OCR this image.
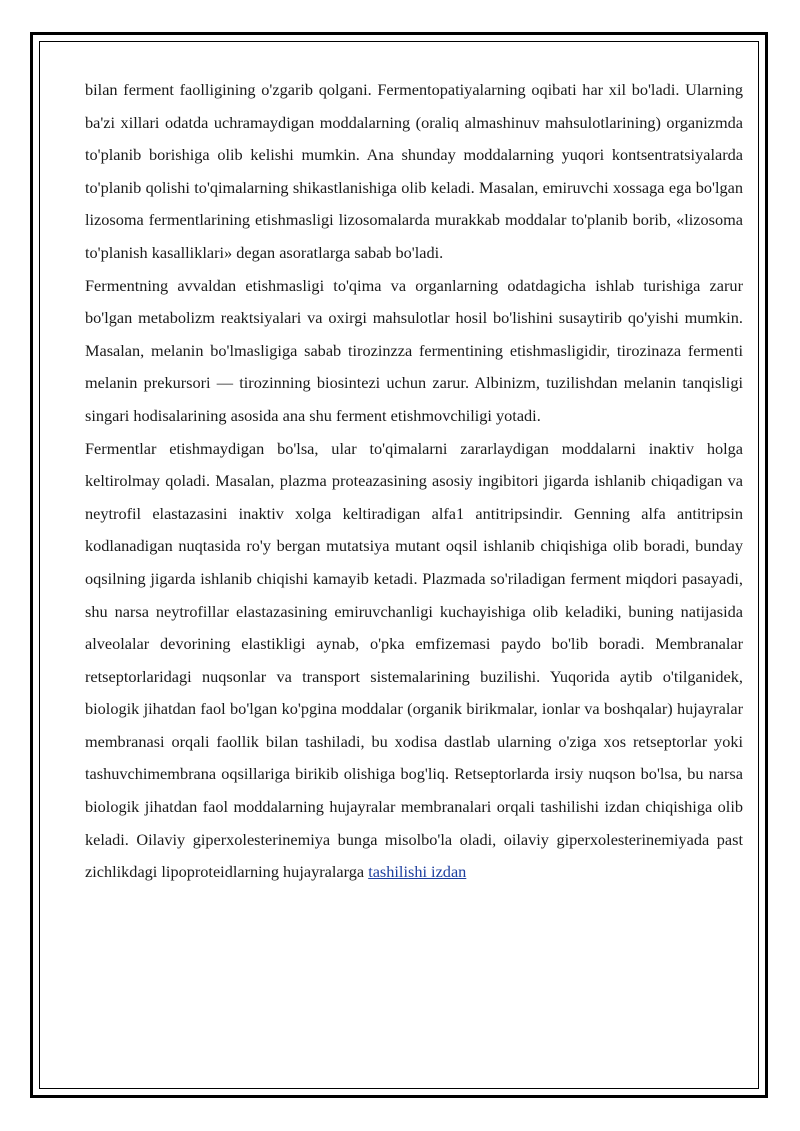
bilan ferment faolligining o'zgarib qolgani. Fermentopatiyalarning oqibati har xil bo'ladi. Ularning ba'zi xillari odatda uchramaydigan moddalarning (oraliq almashinuv mahsulotlarining) organizmda to'planib borishiga olib kelishi mumkin. Ana shunday moddalarning yuqori kontsentratsiyalarda to'planib qolishi to'qimalarning shikastlanishiga olib keladi. Masalan, emiruvchi xossaga ega bo'lgan lizosoma fermentlarining etishmasligi lizosomalarda murakkab moddalar to'planib borib, «lizosoma to'planish kasalliklari» degan asoratlarga sabab bo'ladi.

Fermentning avvaldan etishmasligi to'qima va organlarning odatdagicha ishlab turishiga zarur bo'lgan metabolizm reaktsiyalari va oxirgi mahsulotlar hosil bo'lishini susaytirib qo'yishi mumkin. Masalan, melanin bo'lmasligiga sabab tirozinzza fermentining etishmasligidir, tirozinaza fermenti melanin prekursori — tirozinning biosintezi uchun zarur. Albinizm, tuzilishdan melanin tanqisligi singari hodisalarining asosida ana shu ferment etishmovchiligi yotadi.

Fermentlar etishmaydigan bo'lsa, ular to'qimalarni zararlaydigan moddalarni inaktiv holga keltirolmay qoladi. Masalan, plazma proteazasining asosiy ingibitori jigarda ishlanib chiqadigan va neytrofil elastazasini inaktiv xolga keltiradigan alfa1 antitripsindir. Genning alfa antitripsin kodlanadigan nuqtasida ro'y bergan mutatsiya mutant oqsil ishlanib chiqishiga olib boradi, bunday oqsilning jigarda ishlanib chiqishi kamayib ketadi. Plazmada so'riladigan ferment miqdori pasayadi, shu narsa neytrofillar elastazasining emiruvchanligi kuchayishiga olib keladiki, buning natijasida alveolalar devorining elastikligi aynab, o'pka emfizemasi paydo bo'lib boradi. Membranalar retseptorlaridagi nuqsonlar va transport sistemalarining buzilishi. Yuqorida aytib o'tilganidek, biologik jihatdan faol bo'lgan ko'pgina moddalar (organik birikmalar, ionlar va boshqalar) hujayralar membranasi orqali faollik bilan tashiladi, bu xodisa dastlab ularning o'ziga xos retseptorlar yoki tashuvchimembrana oqsillariga birikib olishiga bog'liq. Retseptorlarda irsiy nuqson bo'lsa, bu narsa biologik jihatdan faol moddalarning hujayralar membranalari orqali tashilishi izdan chiqishiga olib keladi. Oilaviy giperxolesterinemiya bunga misolbo'la oladi, oilaviy giperxolesterinemiyada past zichlikdagi lipoproteidlarning hujayralarga tashilishi izdan
